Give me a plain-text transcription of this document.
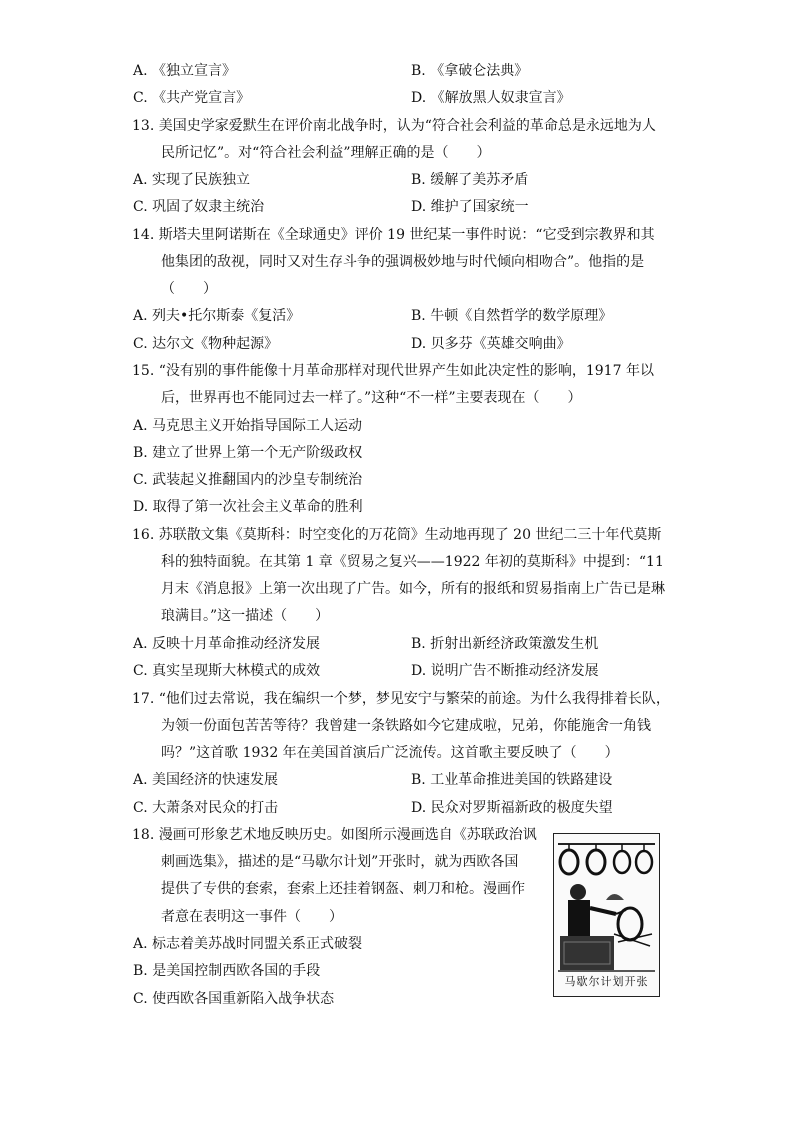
A. 《独立宣言》	B. 《拿破仑法典》
C. 《共产党宣言》	D. 《解放黑人奴隶宣言》
13. 美国史学家爱默生在评价南北战争时，认为“符合社会利益的革命总是永远地为人
民所记忆”。对“符合社会利益”理解正确的是（　　）
A. 实现了民族独立	B. 缓解了美苏矛盾
C. 巩固了奴隶主统治	D. 维护了国家统一
14. 斯塔夫里阿诺斯在《全球通史》评价 19 世纪某一事件时说：“它受到宗教界和其
他集团的敌视，同时又对生存斗争的强调极妙地与时代倾向相吻合”。他指的是
（　　）
A. 列夫•托尔斯泰《复活》	B. 牛顿《自然哲学的数学原理》
C. 达尔文《物种起源》	D. 贝多芬《英雄交响曲》
15. “没有别的事件能像十月革命那样对现代世界产生如此决定性的影响，1917 年以
后，世界再也不能同过去一样了。”这种“不一样”主要表现在（　　）
A. 马克思主义开始指导国际工人运动
B. 建立了世界上第一个无产阶级政权
C. 武装起义推翻国内的沙皇专制统治
D. 取得了第一次社会主义革命的胜利
16. 苏联散文集《莫斯科：时空变化的万花筒》生动地再现了 20 世纪二三十年代莫斯
科的独特面貌。在其第 1 章《贸易之复兴——1922 年初的莫斯科》中提到：“11
月末《消息报》上第一次出现了广告。如今，所有的报纸和贸易指南上广告已是琳
琅满目。”这一描述（　　）
A. 反映十月革命推动经济发展	B. 折射出新经济政策激发生机
C. 真实呈现斯大林模式的成效	D. 说明广告不断推动经济发展
17. “他们过去常说，我在编织一个梦，梦见安宁与繁荣的前途。为什么我得排着长队，
为领一份面包苦苦等待？我曾建一条铁路如今它建成啦，兄弟，你能施舍一角钱
吗？”这首歌 1932 年在美国首演后广泛流传。这首歌主要反映了（　　）
A. 美国经济的快速发展	B. 工业革命推进美国的铁路建设
C. 大萧条对民众的打击	D. 民众对罗斯福新政的极度失望
18. 漫画可形象艺术地反映历史。如图所示漫画选自《苏联政治讽
刺画选集》，描述的是“马歇尔计划”开张时，就为西欧各国
提供了专供的套索，套索上还挂着钢盔、刺刀和枪。漫画作
者意在表明这一事件（　　）
A. 标志着美苏战时同盟关系正式破裂
B. 是美国控制西欧各国的手段
C. 使西欧各国重新陷入战争状态
马歇尔计划开张
